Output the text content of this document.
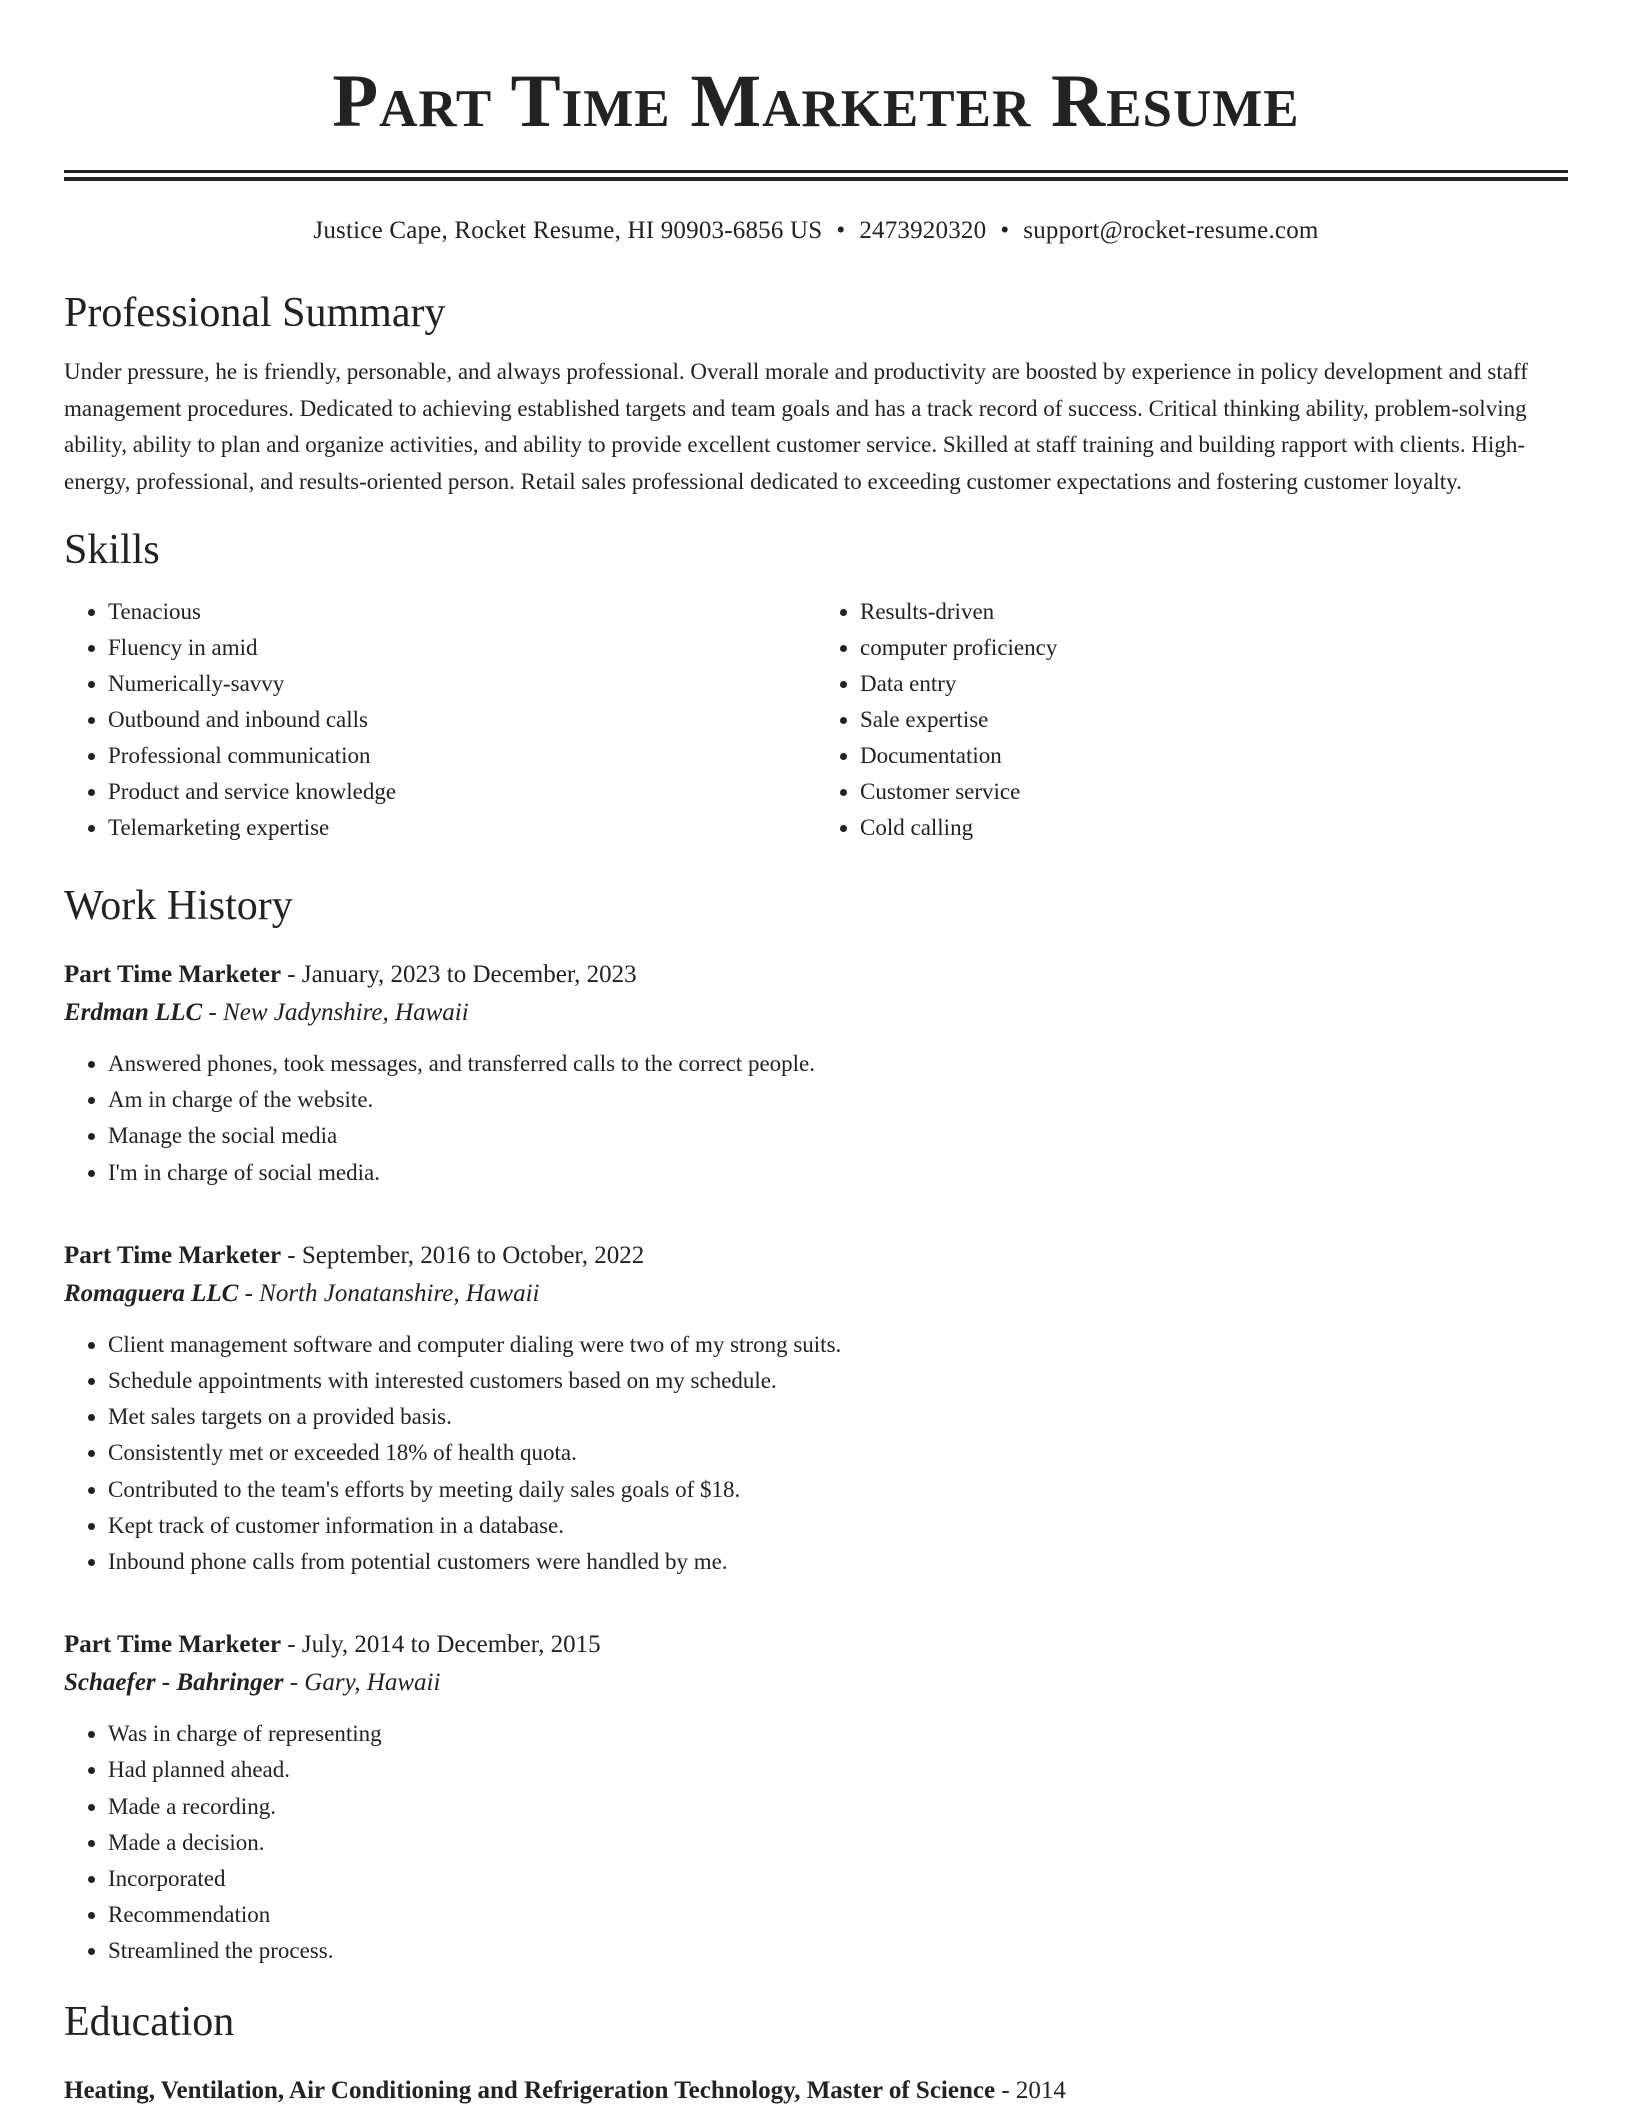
Part Time Marketer Resume
Justice Cape, Rocket Resume, HI 90903-6856 US • 2473920320 • support@rocket-resume.com
Professional Summary

Under pressure, he is friendly, personable, and always professional. Overall morale and productivity are boosted by experience in policy development and staff management procedures. Dedicated to achieving established targets and team goals and has a track record of success. Critical thinking ability, problem-solving ability, ability to plan and organize activities, and ability to provide excellent customer service. Skilled at staff training and building rapport with clients. High-energy, professional, and results-oriented person. Retail sales professional dedicated to exceeding customer expectations and fostering customer loyalty.

Skills
• Tenacious
• Fluency in amid
• Numerically-savvy
• Outbound and inbound calls
• Professional communication
• Product and service knowledge
• Telemarketing expertise
• Results-driven
• computer proficiency
• Data entry
• Sale expertise
• Documentation
• Customer service
• Cold calling
Work History
Part Time Marketer - January, 2023 to December, 2023
Erdman LLC - New Jadynshire, Hawaii
• Answered phones, took messages, and transferred calls to the correct people.
• Am in charge of the website.
• Manage the social media
• I'm in charge of social media.
Part Time Marketer - September, 2016 to October, 2022
Romaguera LLC - North Jonatanshire, Hawaii
• Client management software and computer dialing were two of my strong suits.
• Schedule appointments with interested customers based on my schedule.
• Met sales targets on a provided basis.
• Consistently met or exceeded 18% of health quota.
• Contributed to the team's efforts by meeting daily sales goals of $18.
• Kept track of customer information in a database.
• Inbound phone calls from potential customers were handled by me.
Part Time Marketer - July, 2014 to December, 2015
Schaefer - Bahringer - Gary, Hawaii
• Was in charge of representing
• Had planned ahead.
• Made a recording.
• Made a decision.
• Incorporated
• Recommendation
• Streamlined the process.
Education
Heating, Ventilation, Air Conditioning and Refrigeration Technology, Master of Science - 2014
